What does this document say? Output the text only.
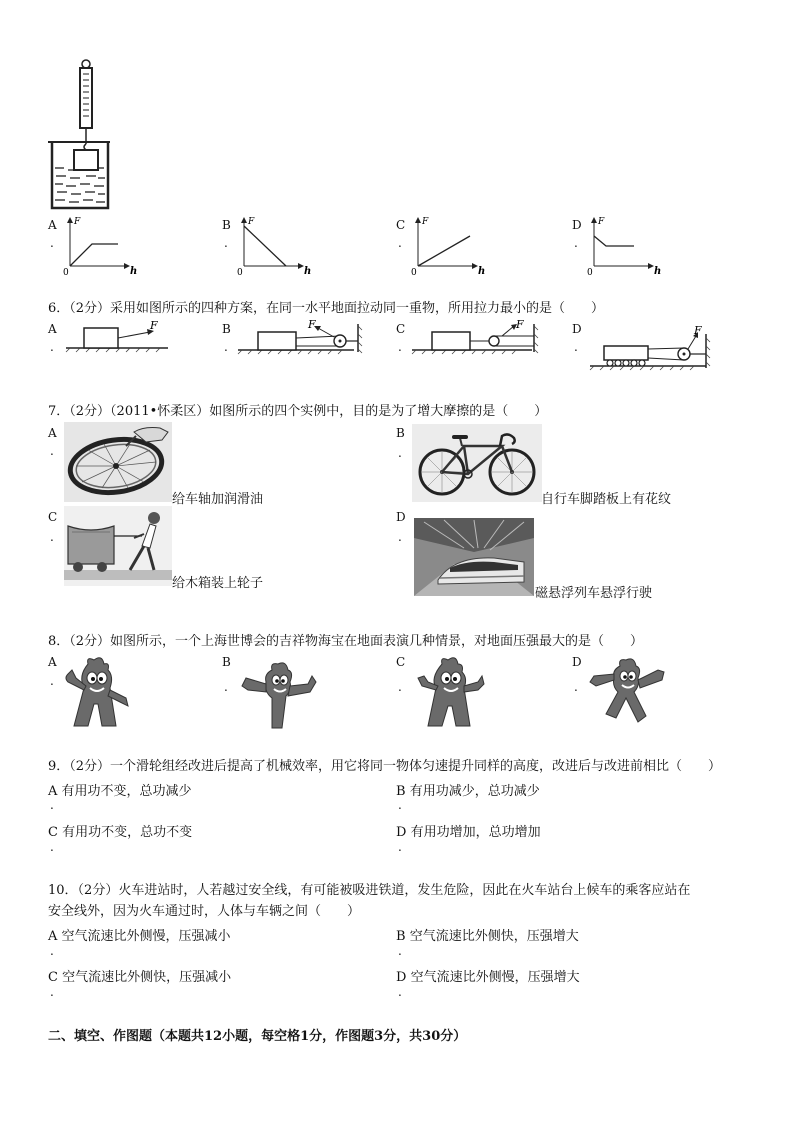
A
.
F
h
0
B
.
F
h
0
C
.
F
h
0
D
.
F
h
0
6．（2分）采用如图所示的四种方案，在同一水平地面拉动同一重物，所用拉力最小的是（　　）
A
.
F	B
.
F	C
.
F	D
.
F
7．（2分）（2011•怀柔区）如图所示的四个实例中，目的是为了增大摩擦的是（　　）
A
.
给车轴加润滑油
B
.
自行车脚踏板上有花纹
C
.
给木箱装上轮子
D
.
磁悬浮列车悬浮行驶
8．（2分）如图所示，一个上海世博会的吉祥物海宝在地面表演几种情景，对地面压强最大的是（　　）
A
.
B
.
C
.
D
.
9．（2分）一个滑轮组经改进后提高了机械效率，用它将同一物体匀速提升同样的高度，改进后与改进前相比（　　）
A 有用功不变，总功减少
.
B 有用功减少，总功减少
.
C 有用功不变，总功不变
.
D 有用功增加，总功增加
.
10．（2分）火车进站时，人若越过安全线，有可能被吸进铁道，发生危险，因此在火车站台上候车的乘客应站在
安全线外，因为火车通过时，人体与车辆之间（　　）
A 空气流速比外侧慢，压强减小
.
B 空气流速比外侧快，压强增大
.
C 空气流速比外侧快，压强减小
.
D 空气流速比外侧慢，压强增大
.
二、填空、作图题（本题共12小题，每空格1分，作图题3分，共30分）
